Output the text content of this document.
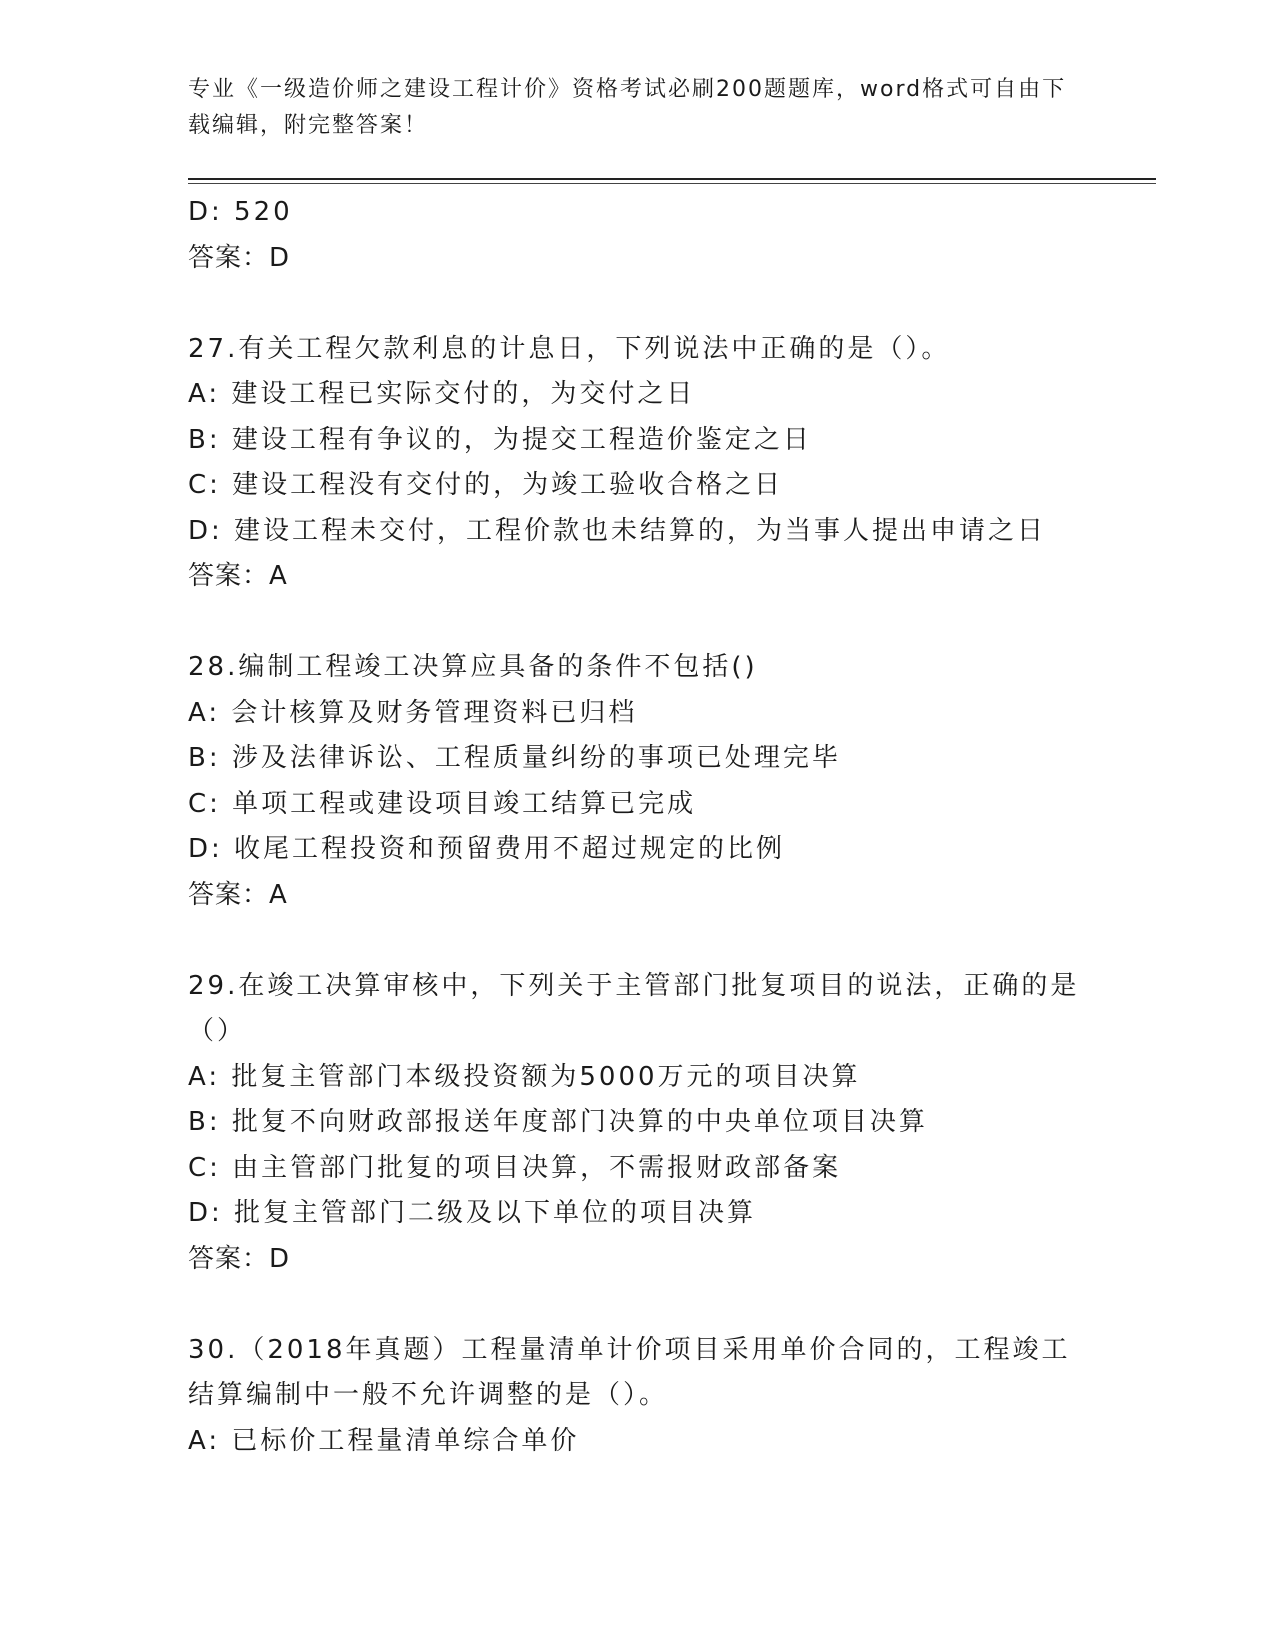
专业《一级造价师之建设工程计价》资格考试必刷200题题库，word格式可自由下载编辑，附完整答案！
D: 520
答案：D
27.有关工程欠款利息的计息日，下列说法中正确的是（）。
A: 建设工程已实际交付的，为交付之日
B: 建设工程有争议的，为提交工程造价鉴定之日
C: 建设工程没有交付的，为竣工验收合格之日
D: 建设工程未交付，工程价款也未结算的，为当事人提出申请之日
答案：A
28.编制工程竣工决算应具备的条件不包括()
A: 会计核算及财务管理资料已归档
B: 涉及法律诉讼、工程质量纠纷的事项已处理完毕
C: 单项工程或建设项目竣工结算已完成
D: 收尾工程投资和预留费用不超过规定的比例
答案：A
29.在竣工决算审核中，下列关于主管部门批复项目的说法，正确的是（）
A: 批复主管部门本级投资额为5000万元的项目决算
B: 批复不向财政部报送年度部门决算的中央单位项目决算
C: 由主管部门批复的项目决算，不需报财政部备案
D: 批复主管部门二级及以下单位的项目决算
答案：D
30.（2018年真题）工程量清单计价项目采用单价合同的，工程竣工结算编制中一般不允许调整的是（）。
A: 已标价工程量清单综合单价
